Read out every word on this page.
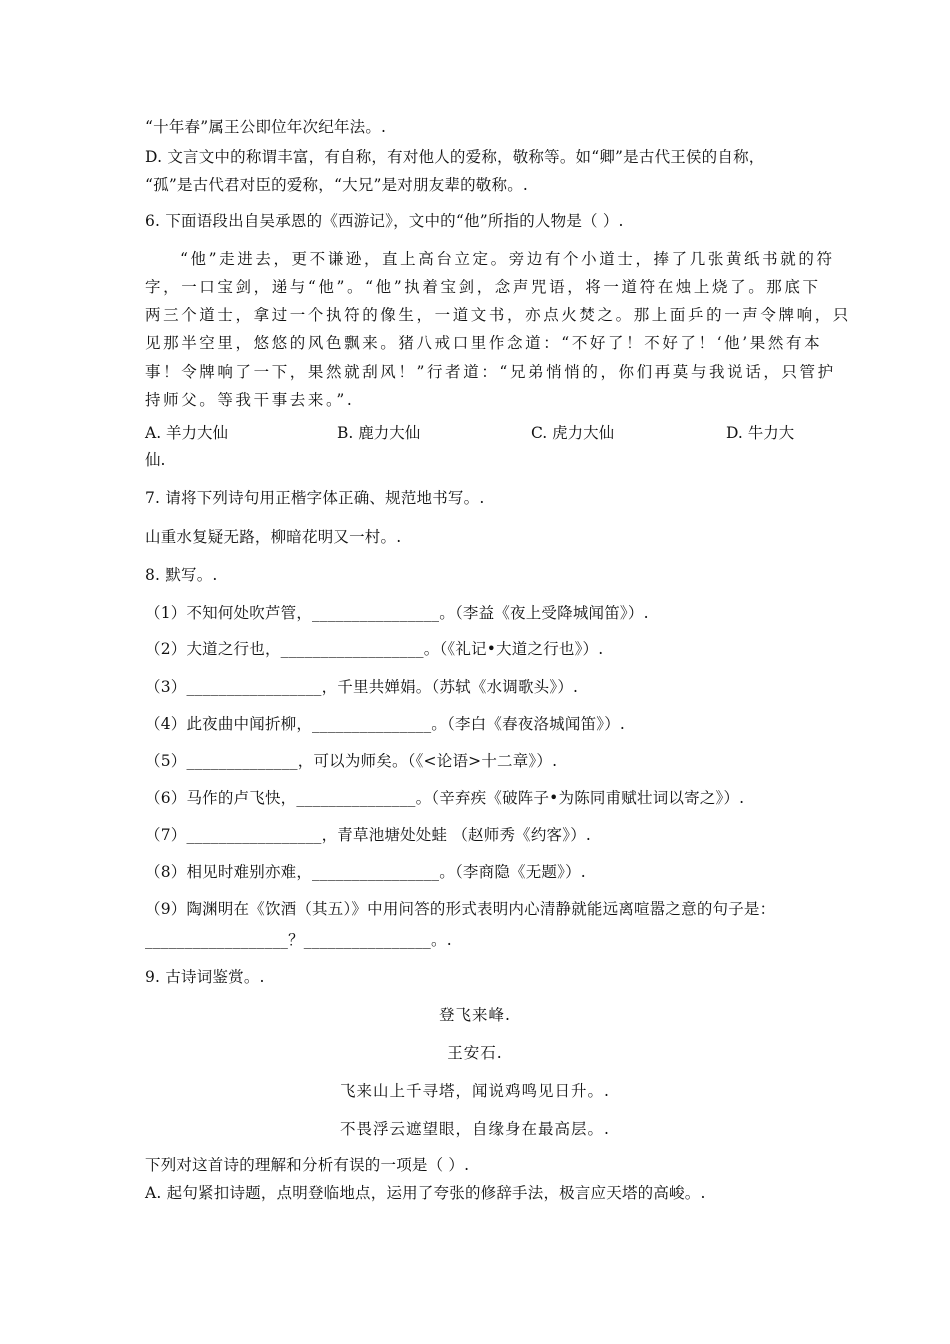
“十年春”属王公即位年次纪年法。.
D. 文言文中的称谓丰富，有自称，有对他人的爱称，敬称等。如“卿”是古代王侯的自称，
“孤”是古代君对臣的爱称，“大兄”是对朋友辈的敬称。.
6. 下面语段出自吴承恩的《西游记》，文中的“他”所指的人物是（ ）.
“他”走进去，更不谦逊，直上高台立定。旁边有个小道士，捧了几张黄纸书就的符
字，一口宝剑，递与“他”。“他”执着宝剑，念声咒语，将一道符在烛上烧了。那底下
两三个道士，拿过一个执符的像生，一道文书，亦点火焚之。那上面乒的一声令牌响，只
见那半空里，悠悠的风色飘来。猪八戒口里作念道：“不好了！不好了！‘他’果然有本
事！令牌响了一下，果然就刮风！”行者道：“兄弟悄悄的，你们再莫与我说话，只管护
持师父。等我干事去来。”.
A. 羊力大仙	B. 鹿力大仙	C. 虎力大仙	D. 牛力大
仙.
7. 请将下列诗句用正楷字体正确、规范地书写。.
山重水复疑无路，柳暗花明又一村。.
8. 默写。.
（1）不知何处吹芦管，________________。（李益《夜上受降城闻笛》）.
（2）大道之行也，__________________。（《礼记•大道之行也》）.
（3）_________________，千里共婵娟。（苏轼《水调歌头》）.
（4）此夜曲中闻折柳，_______________。（李白《春夜洛城闻笛》）.
（5）______________，可以为师矣。（《<论语>十二章》）.
（6）马作的卢飞快，_______________。（辛弃疾《破阵子•为陈同甫赋壮词以寄之》）.
（7）_________________，青草池塘处处蛙 （赵师秀《约客》）.
（8）相见时难别亦难，________________。（李商隐《无题》）.
（9）陶渊明在《饮酒（其五）》中用问答的形式表明内心清静就能远离喧嚣之意的句子是：
__________________？________________。.
9. 古诗词鉴赏。.
登飞来峰.
王安石.
飞来山上千寻塔，闻说鸡鸣见日升。.
不畏浮云遮望眼，自缘身在最高层。.
下列对这首诗的理解和分析有误的一项是（ ）.
A. 起句紧扣诗题，点明登临地点，运用了夸张的修辞手法，极言应天塔的高峻。.
